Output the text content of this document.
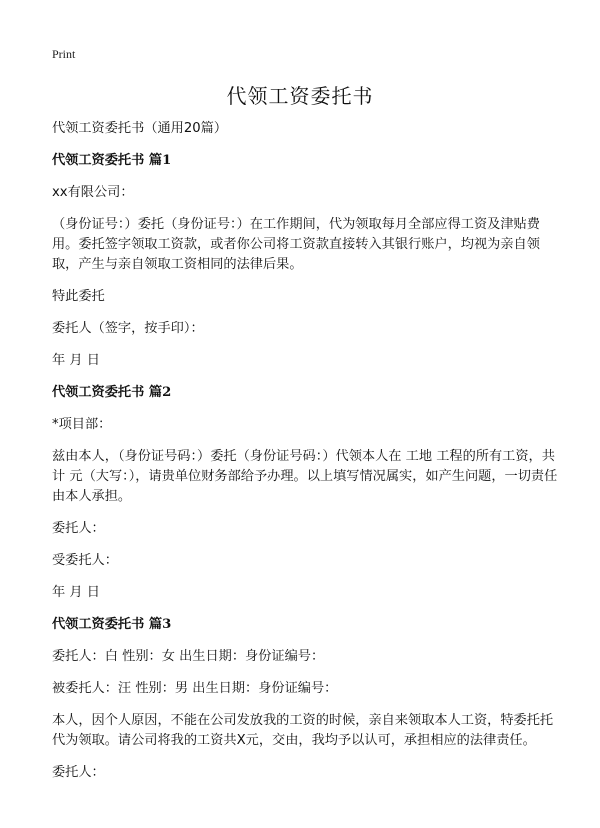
Print
代领工资委托书

代领工资委托书（通用20篇）

代领工资委托书 篇1

xx有限公司：

（身份证号：）委托（身份证号：）在工作期间，代为领取每月全部应得工资及津贴费用。委托签字领取工资款，或者你公司将工资款直接转入其银行账户，均视为亲自领取，产生与亲自领取工资相同的法律后果。

特此委托

委托人（签字，按手印）：

年 月 日

代领工资委托书 篇2

*项目部：

兹由本人，（身份证号码：）委托（身份证号码：）代领本人在 工地 工程的所有工资，共计 元（大写：），请贵单位财务部给予办理。以上填写情况属实，如产生问题，一切责任由本人承担。

委托人：

受委托人：

年 月 日

代领工资委托书 篇3

委托人：白 性别：女 出生日期：身份证编号：

被委托人：汪 性别：男 出生日期：身份证编号：

本人，因个人原因，不能在公司发放我的工资的时候，亲自来领取本人工资，特委托托代为领取。请公司将我的工资共X元，交由，我均予以认可，承担相应的法律责任。

委托人：
